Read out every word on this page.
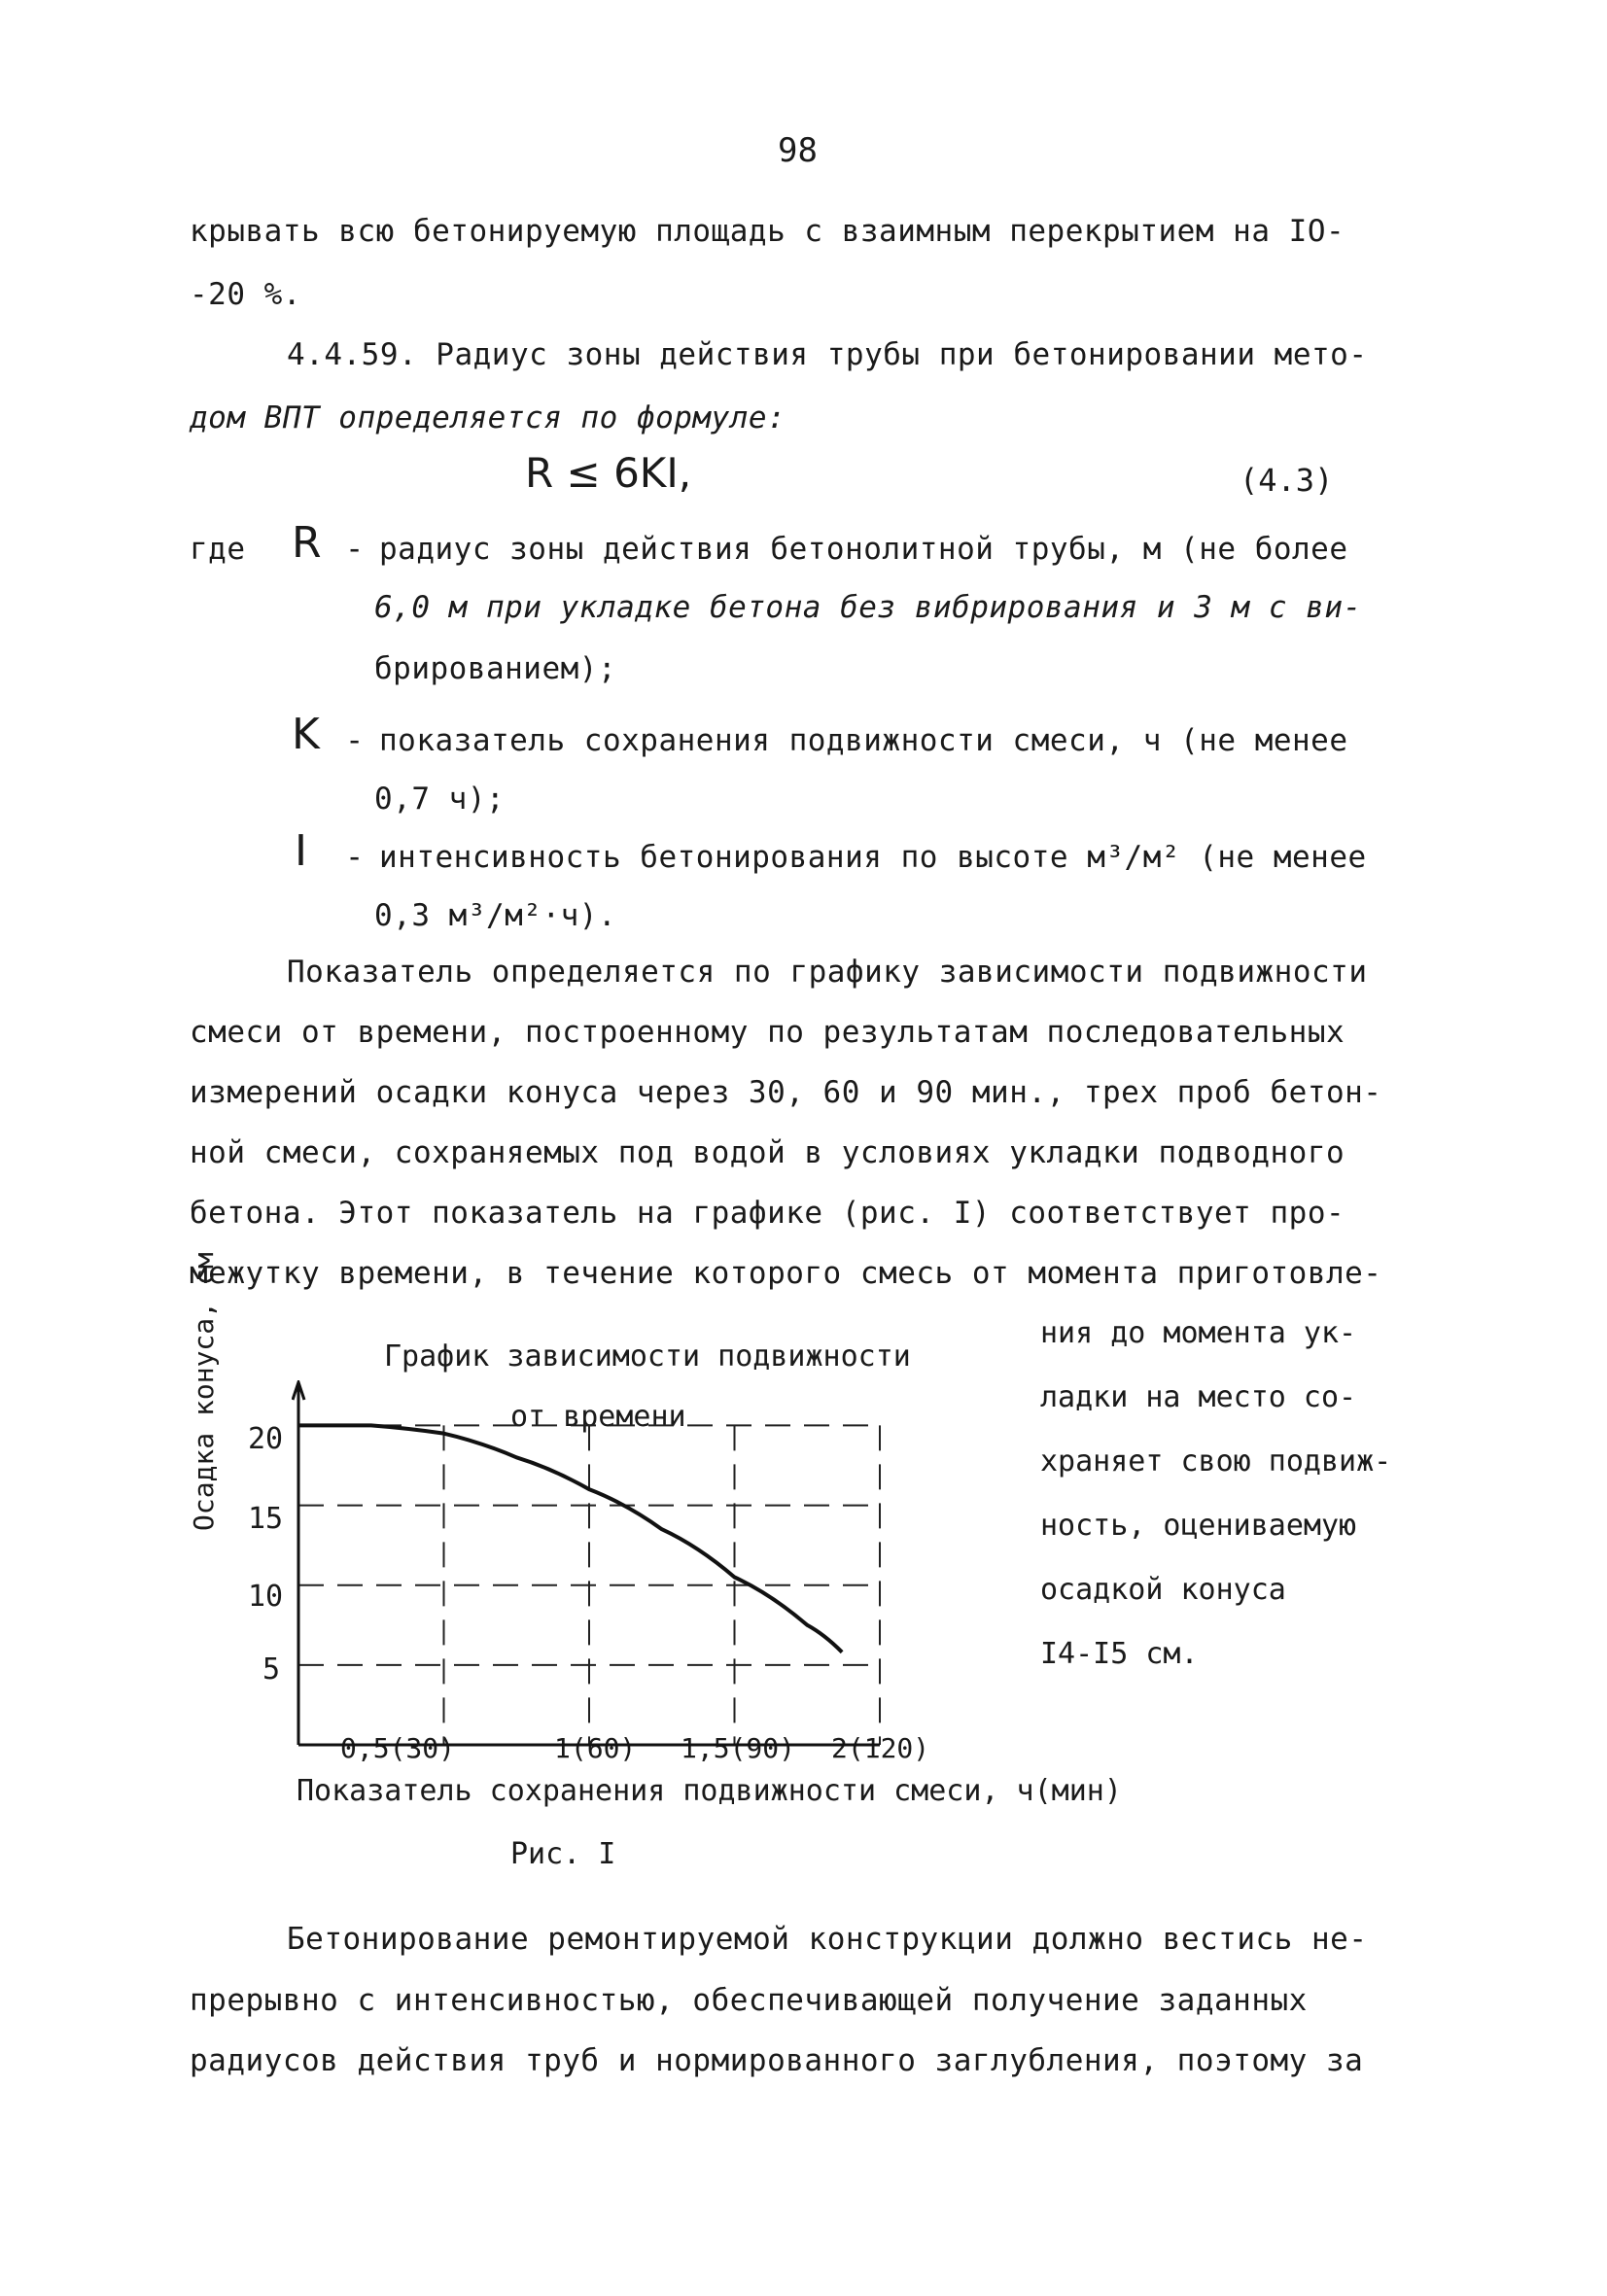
98
крывать всю бетонируемую площадь с взаимным перекрытием на IO-
-20 %.
4.4.59. Радиус зоны действия трубы при бетонировании мето-
дом ВПТ определяется по формуле:
R ≤ 6KI,	(4.3)
где R - радиус зоны действия бетонолитной трубы, м (не более
6,0 м при укладке бетона без вибрирования и 3 м с ви-
брированием);
K - показатель сохранения подвижности смеси, ч (не менее
0,7 ч);
I - интенсивность бетонирования по высоте м³/м² (не менее
0,3 м³/м²·ч).
Показатель определяется по графику зависимости подвижности
смеси от времени, построенному по результатам последовательных
измерений осадки конуса через 30, 60 и 90 мин., трех проб бетон-
ной смеси, сохраняемых под водой в условиях укладки подводного
бетона. Этот показатель на графике (рис. I) соответствует про-
межутку времени, в течение которого смесь от момента приготовле-
График зависимости подвижности
от времени
Осадка конуса, см 20
15
10
5
0,5(30)	1(60) 1,5(90) 2(120)
Показатель сохранения подвижности смеси, ч(мин)
Рис. I
ния до момента ук-
ладки на место со-
храняет свою подвиж-
ность, оцениваемую
осадкой конуса
I4-I5 см.
Бетонирование ремонтируемой конструкции должно вестись не-
прерывно с интенсивностью, обеспечивающей получение заданных
радиусов действия труб и нормированного заглубления, поэтому за
